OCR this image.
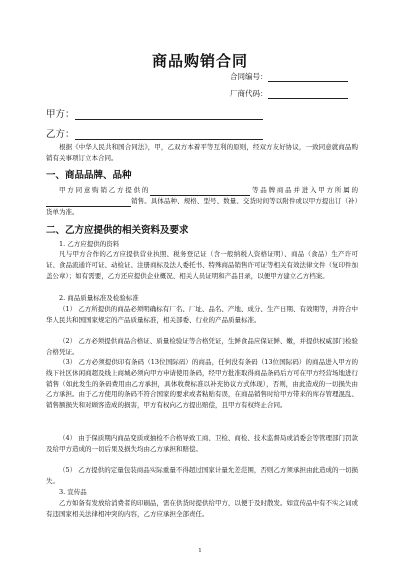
商品购销合同
合同编号：
厂商代码：
甲方：
乙方：

根据《中华人民共和国合同法》，甲，乙双方本着平等互利的原则，经双方友好协议，一致同意就商品购销有关事项订立本合同。

一、商品品牌、品种

甲方同意购销乙方提供的	等品牌商品并进入甲方所属的销售。具体品种、规格、型号、数量、交货时间等以附件或以甲方提出订（补）货单为准。

二、乙方应提供的相关资料及要求

1. 乙方应提供的资料

凡与甲方合作的乙方应提供营业执照、税务登记证（含一般纳税人资格证明）、商品（食品）生产许可证、食品流通许可证、动检证、注册商标及法人委托书、特殊商品销售许可证等相关有效法律文件（复印件加盖公章）；如有需要，乙方还应提供企业概况、相关人员证明和产品目录，以便甲方建立乙方档案。

2. 商品质量标准及检验标准

（1） 乙方所提供的商品必须明确标有厂名、厂址、品名、产地、成分、生产日期、有效期等，并符合中华人民共和国国家规定的产品质量标准，相关部委、行业的产品质量标准。

（2） 乙方必须提供商品合格证、质量检验证等合格凭证，生鲜食品应保证鲜、嫩，并提供权威部门检验合格凭证。

（3） 乙方必须提供印有条码（13位国际码）的商品，任何没有条码（13位国际码）的商品进入甲方的线下社区休闲商超及线上商城必须向甲方申请使用条码，经甲方批准取得商品条码后方可在甲方经营场地进行销售（如此发生的条码费用由乙方承担，具体收费标准以补充协议方式体现），否则，由此造成的一切损失由乙方承担。由于乙方使用的条码不符合国家的要求或者粘贴有误，在商品销售时给甲方带来的库存管理混乱、销售额损失和对顾客造成的损害，甲方有权向乙方提出赔偿，且甲方有权终止合同。

（4） 由于保质期内商品变质或抽检不合格导致工商、卫检、商检、技术监督局或消委会等管理部门罚款及给甲方造成的一切后果及损失均由乙方承担和赔偿。

（5） 乙方提供的定量包装商品实际重量不得超过国家计量允差范围，否则乙方须承担由此造成的一切损失。

3. 宣传品

乙方如备有发放给消费者的印刷品，需在供货时提供给甲方，以便于及时散发。如宣传品中有不实之词或有违国家相关法律相冲突的内容，乙方应承担全部责任。

1
